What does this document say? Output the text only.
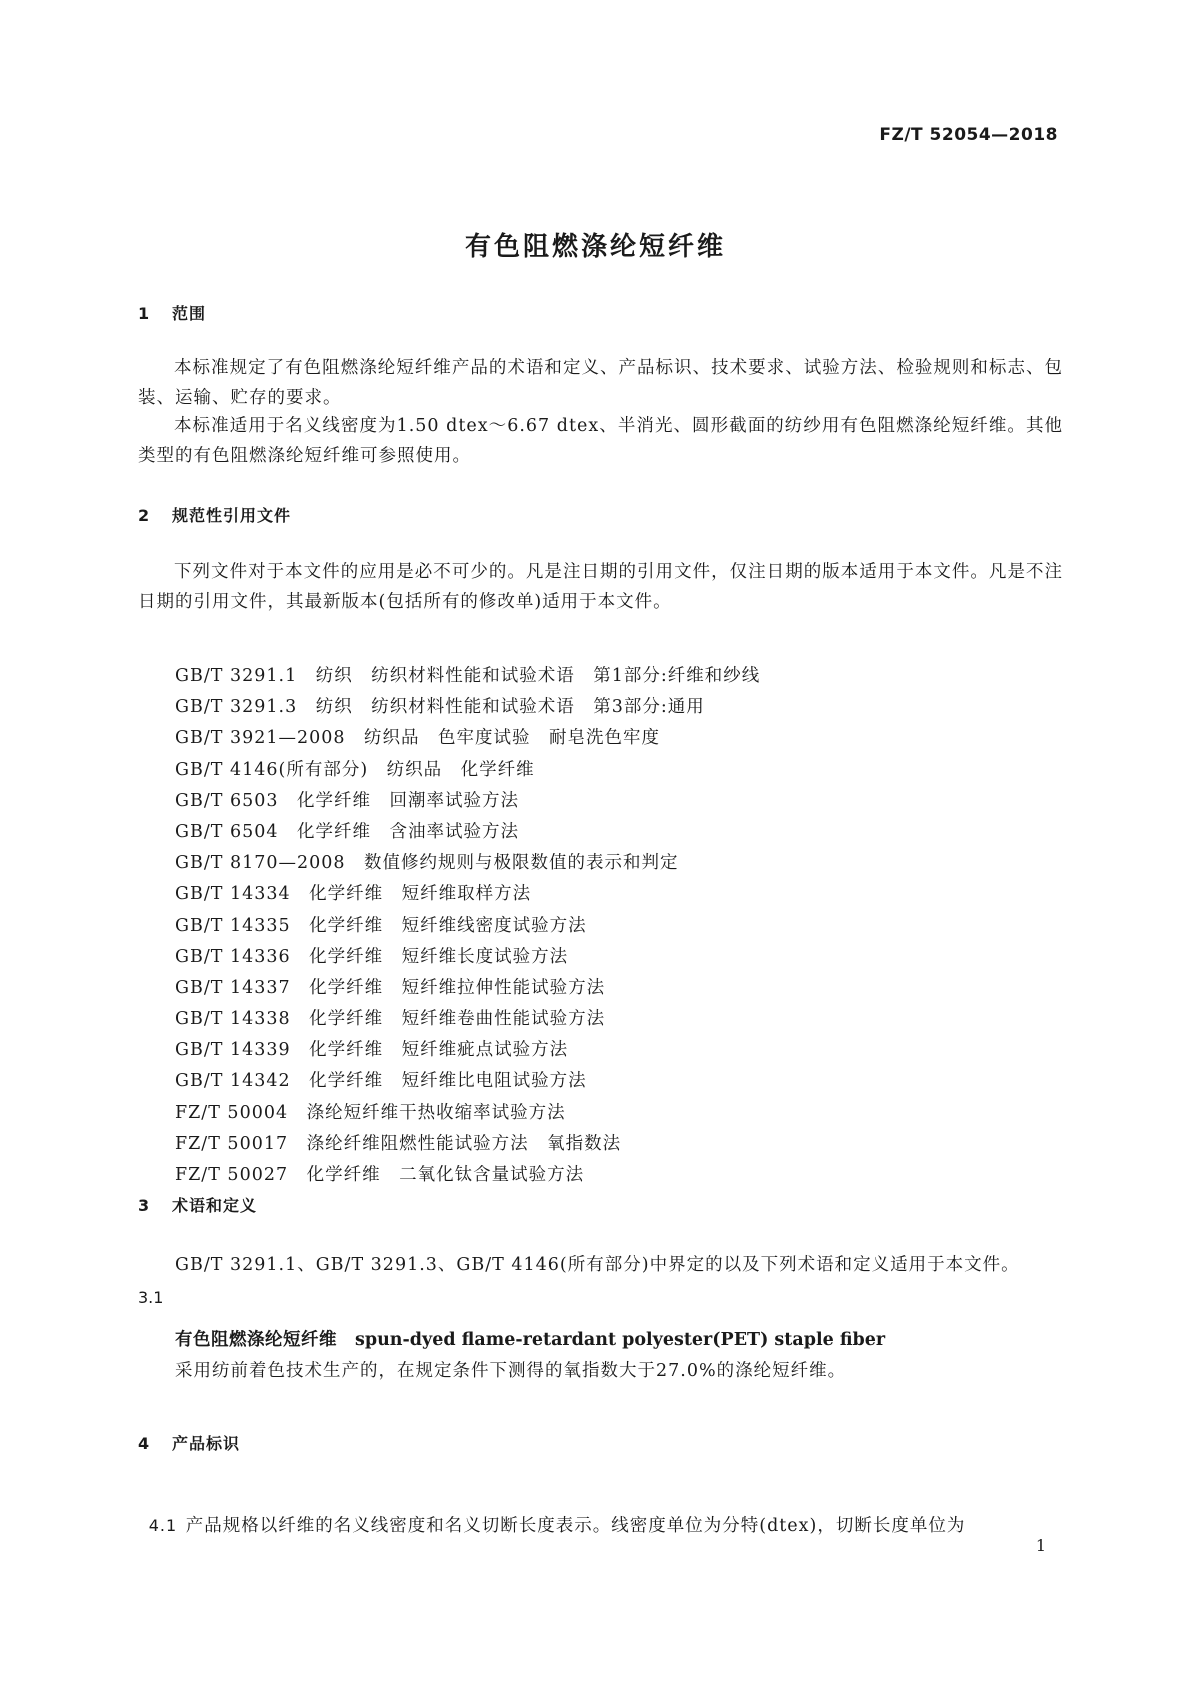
FZ/T 52054—2018
有色阻燃涤纶短纤维
1 范围
本标准规定了有色阻燃涤纶短纤维产品的术语和定义、产品标识、技术要求、试验方法、检验规则和标志、包装、运输、贮存的要求。
本标准适用于名义线密度为1.50 dtex～6.67 dtex、半消光、圆形截面的纺纱用有色阻燃涤纶短纤维。其他类型的有色阻燃涤纶短纤维可参照使用。
2 规范性引用文件
下列文件对于本文件的应用是必不可少的。凡是注日期的引用文件，仅注日期的版本适用于本文件。凡是不注日期的引用文件，其最新版本(包括所有的修改单)适用于本文件。
GB/T 3291.1　纺织　纺织材料性能和试验术语　第1部分:纤维和纱线
GB/T 3291.3　纺织　纺织材料性能和试验术语　第3部分:通用
GB/T 3921—2008　纺织品　色牢度试验　耐皂洗色牢度
GB/T 4146(所有部分)　纺织品　化学纤维
GB/T 6503　化学纤维　回潮率试验方法
GB/T 6504　化学纤维　含油率试验方法
GB/T 8170—2008　数值修约规则与极限数值的表示和判定
GB/T 14334　化学纤维　短纤维取样方法
GB/T 14335　化学纤维　短纤维线密度试验方法
GB/T 14336　化学纤维　短纤维长度试验方法
GB/T 14337　化学纤维　短纤维拉伸性能试验方法
GB/T 14338　化学纤维　短纤维卷曲性能试验方法
GB/T 14339　化学纤维　短纤维疵点试验方法
GB/T 14342　化学纤维　短纤维比电阻试验方法
FZ/T 50004　涤纶短纤维干热收缩率试验方法
FZ/T 50017　涤纶纤维阻燃性能试验方法　氧指数法
FZ/T 50027　化学纤维　二氧化钛含量试验方法
3 术语和定义
GB/T 3291.1、GB/T 3291.3、GB/T 4146(所有部分)中界定的以及下列术语和定义适用于本文件。
3.1
有色阻燃涤纶短纤维 spun-dyed flame-retardant polyester(PET) staple fiber
采用纺前着色技术生产的，在规定条件下测得的氧指数大于27.0%的涤纶短纤维。
4 产品标识

4.1 产品规格以纤维的名义线密度和名义切断长度表示。线密度单位为分特(dtex)，切断长度单位为

1
